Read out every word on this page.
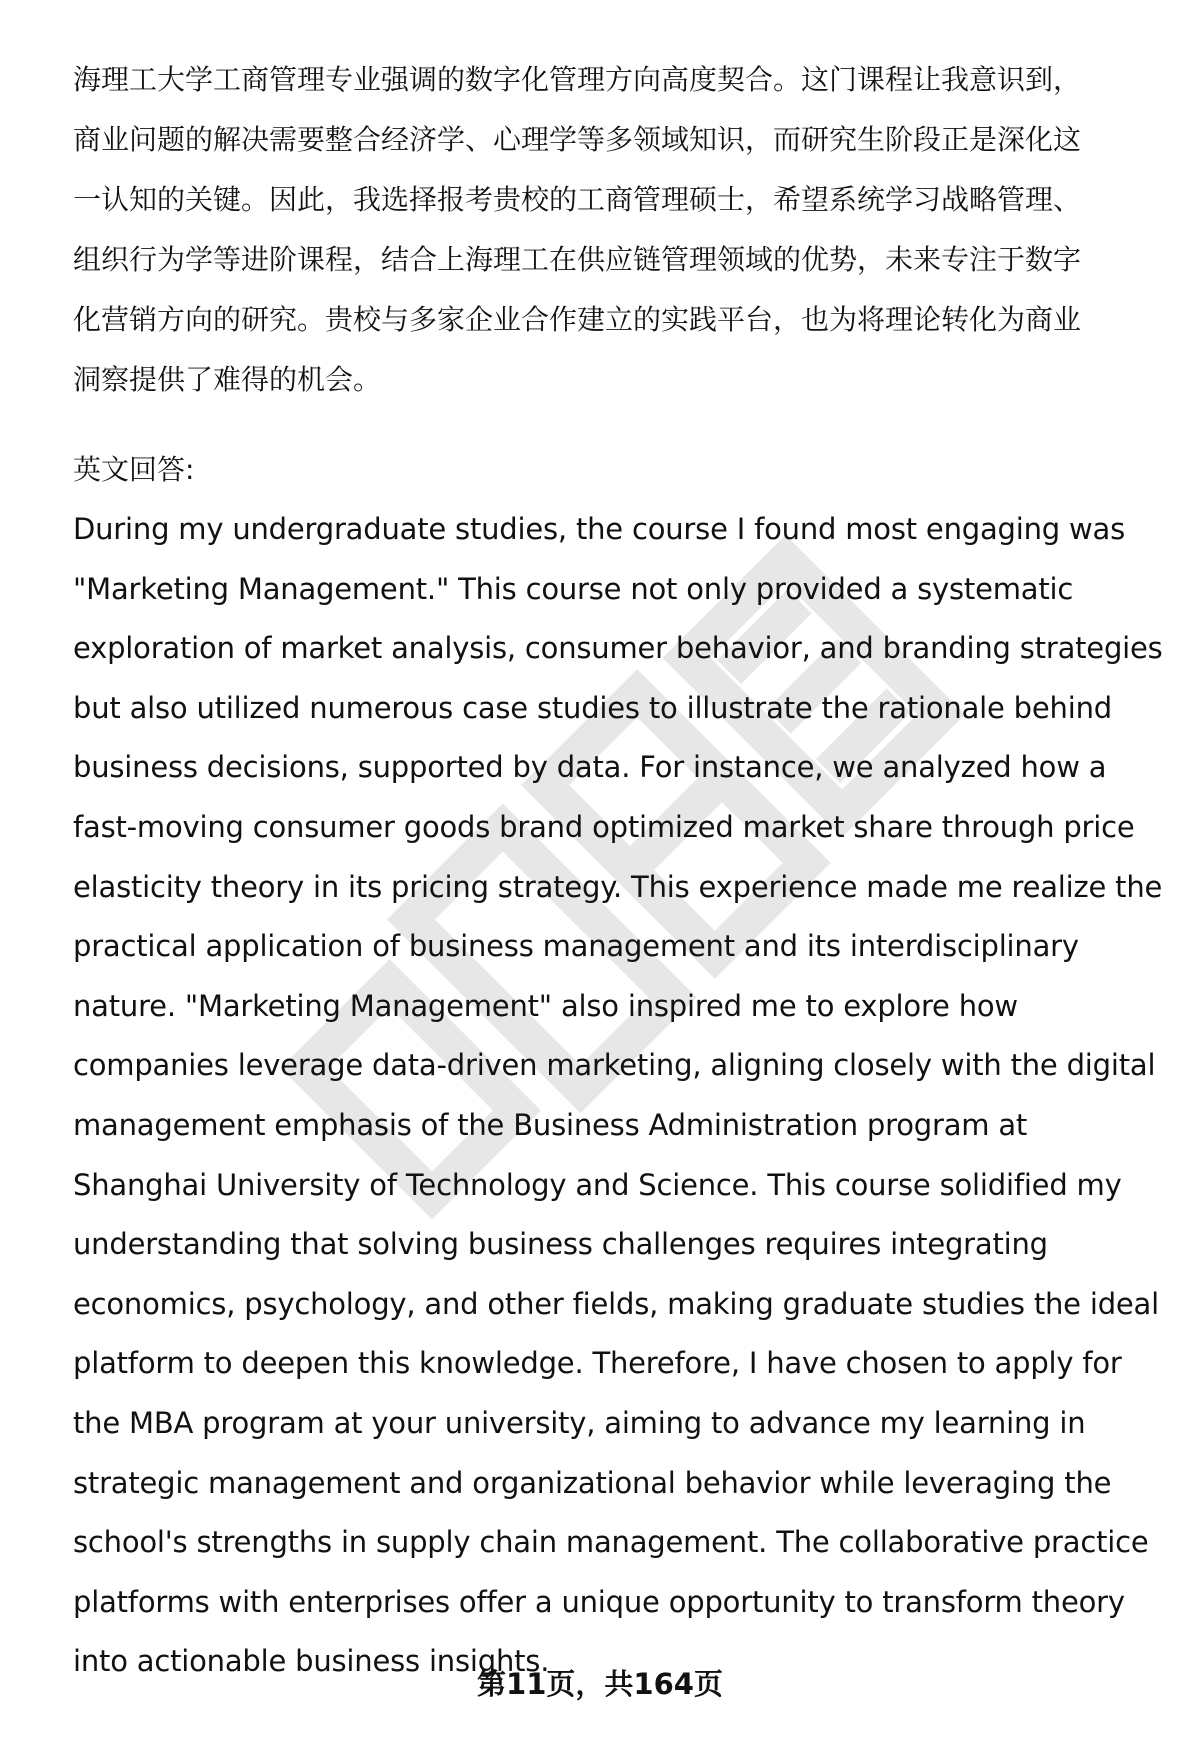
海理工大学工商管理专业强调的数字化管理方向高度契合。这门课程让我意识到，
商业问题的解决需要整合经济学、心理学等多领域知识，而研究生阶段正是深化这
一认知的关键。因此，我选择报考贵校的工商管理硕士，希望系统学习战略管理、
组织行为学等进阶课程，结合上海理工在供应链管理领域的优势，未来专注于数字
化营销方向的研究。贵校与多家企业合作建立的实践平台，也为将理论转化为商业
洞察提供了难得的机会。
英文回答:
During my undergraduate studies, the course I found most engaging was
"Marketing Management." This course not only provided a systematic
exploration of market analysis, consumer behavior, and branding strategies
but also utilized numerous case studies to illustrate the rationale behind
business decisions, supported by data. For instance, we analyzed how a
fast-moving consumer goods brand optimized market share through price
elasticity theory in its pricing strategy. This experience made me realize the
practical application of business management and its interdisciplinary
nature. "Marketing Management" also inspired me to explore how
companies leverage data-driven marketing, aligning closely with the digital
management emphasis of the Business Administration program at
Shanghai University of Technology and Science. This course solidified my
understanding that solving business challenges requires integrating
economics, psychology, and other fields, making graduate studies the ideal
platform to deepen this knowledge. Therefore, I have chosen to apply for
the MBA program at your university, aiming to advance my learning in
strategic management and organizational behavior while leveraging the
school's strengths in supply chain management. The collaborative practice
platforms with enterprises offer a unique opportunity to transform theory
into actionable business insights.
第11页，共164页
